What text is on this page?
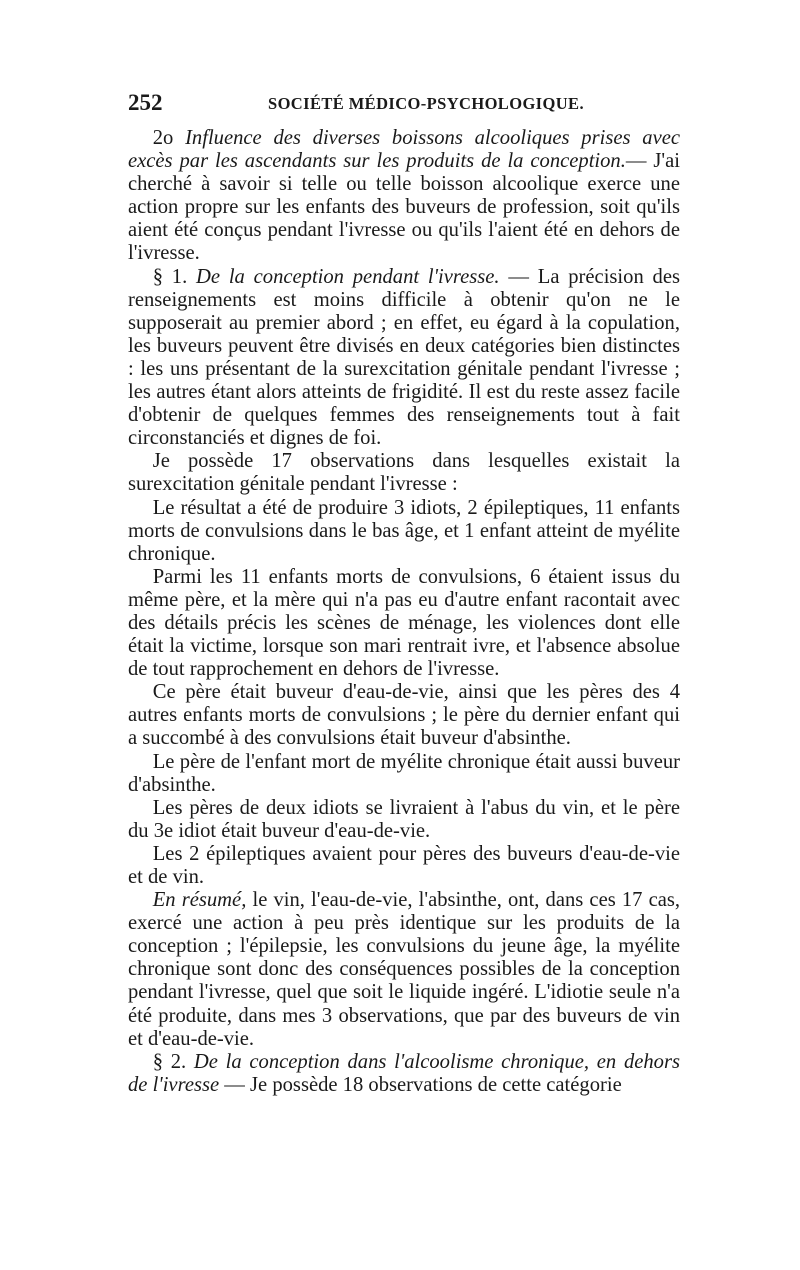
252	SOCIÉTÉ MÉDICO-PSYCHOLOGIQUE.

2o Influence des diverses boissons alcooliques prises avec excès par les ascendants sur les produits de la conception.— J'ai cherché à savoir si telle ou telle boisson alcoolique exerce une action propre sur les enfants des buveurs de profession, soit qu'ils aient été conçus pendant l'ivresse ou qu'ils l'aient été en dehors de l'ivresse.

§ 1. De la conception pendant l'ivresse. — La précision des renseignements est moins difficile à obtenir qu'on ne le supposerait au premier abord ; en effet, eu égard à la copulation, les buveurs peuvent être divisés en deux catégories bien distinctes : les uns présentant de la surexcitation génitale pendant l'ivresse ; les autres étant alors atteints de frigidité. Il est du reste assez facile d'obtenir de quelques femmes des renseignements tout à fait circonstanciés et dignes de foi.

Je possède 17 observations dans lesquelles existait la surexcitation génitale pendant l'ivresse :

Le résultat a été de produire 3 idiots, 2 épileptiques, 11 enfants morts de convulsions dans le bas âge, et 1 enfant atteint de myélite chronique.

Parmi les 11 enfants morts de convulsions, 6 étaient issus du même père, et la mère qui n'a pas eu d'autre enfant racontait avec des détails précis les scènes de ménage, les violences dont elle était la victime, lorsque son mari rentrait ivre, et l'absence absolue de tout rapprochement en dehors de l'ivresse.

Ce père était buveur d'eau-de-vie, ainsi que les pères des 4 autres enfants morts de convulsions ; le père du dernier enfant qui a succombé à des convulsions était buveur d'absinthe.

Le père de l'enfant mort de myélite chronique était aussi buveur d'absinthe.

Les pères de deux idiots se livraient à l'abus du vin, et le père du 3e idiot était buveur d'eau-de-vie.

Les 2 épileptiques avaient pour pères des buveurs d'eau-de-vie et de vin.

En résumé, le vin, l'eau-de-vie, l'absinthe, ont, dans ces 17 cas, exercé une action à peu près identique sur les produits de la conception ; l'épilepsie, les convulsions du jeune âge, la myélite chronique sont donc des conséquences possibles de la conception pendant l'ivresse, quel que soit le liquide ingéré. L'idiotie seule n'a été produite, dans mes 3 observations, que par des buveurs de vin et d'eau-de-vie.

§ 2. De la conception dans l'alcoolisme chronique, en dehors de l'ivresse — Je possède 18 observations de cette catégorie
